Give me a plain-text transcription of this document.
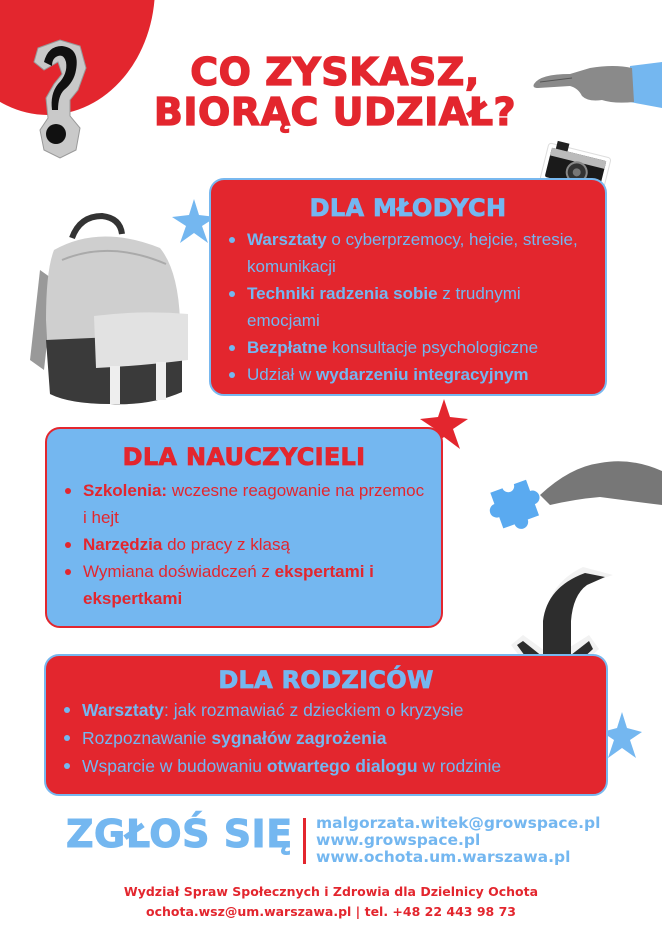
CO ZYSKASZ,
BIORĄC UDZIAŁ?
DLA MŁODYCH
Warsztaty o cyberprzemocy, hejcie, stresie, komunikacji
Techniki radzenia sobie z trudnymi emocjami
Bezpłatne konsultacje psychologiczne
Udział w wydarzeniu integracyjnym
DLA NAUCZYCIELI
Szkolenia: wczesne reagowanie na przemoc i hejt
Narzędzia do pracy z klasą
Wymiana doświadczeń z ekspertami i ekspertkami
DLA RODZICÓW
Warsztaty: jak rozmawiać z dzieckiem o kryzysie
Rozpoznawanie sygnałów zagrożenia
Wsparcie w budowaniu otwartego dialogu w rodzinie
ZGŁOŚ SIĘ malgorzata.witek@growspace.pl
www.growspace.pl
www.ochota.um.warszawa.pl
Wydział Spraw Społecznych i Zdrowia dla Dzielnicy Ochota
ochota.wsz@um.warszawa.pl | tel. +48 22 443 98 73
